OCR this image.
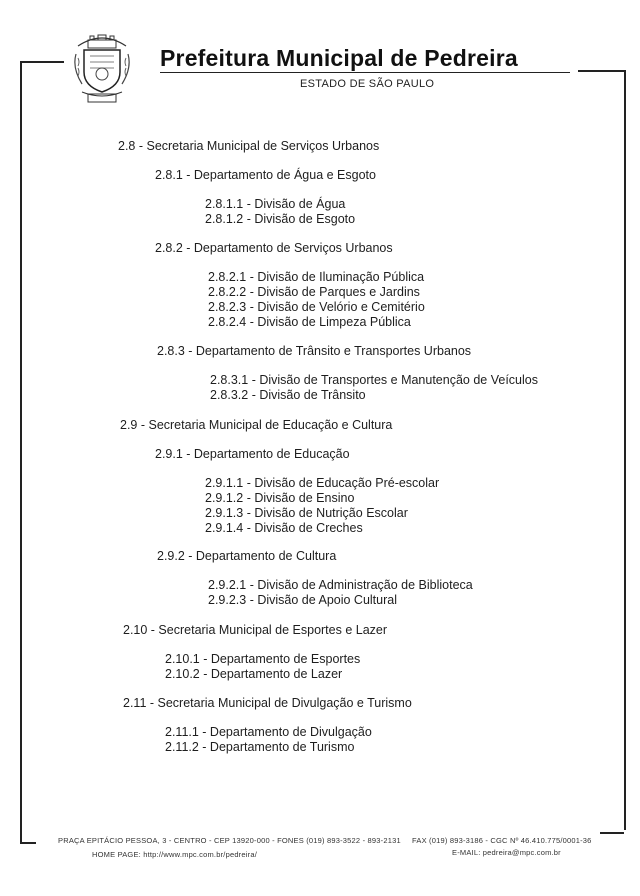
Prefeitura Municipal de Pedreira
ESTADO DE SÃO PAULO
2.8 - Secretaria Municipal de Serviços Urbanos
2.8.1 - Departamento de Água e Esgoto
2.8.1.1 - Divisão de Água
2.8.1.2 - Divisão de Esgoto
2.8.2 - Departamento de Serviços Urbanos
2.8.2.1 - Divisão de Iluminação Pública
2.8.2.2 - Divisão de Parques e Jardins
2.8.2.3 - Divisão de Velório e Cemitério
2.8.2.4 - Divisão de Limpeza Pública
2.8.3 - Departamento de Trânsito e Transportes Urbanos
2.8.3.1 - Divisão de Transportes e Manutenção de Veículos
2.8.3.2 - Divisão de Trânsito
2.9 - Secretaria Municipal de Educação e Cultura
2.9.1 - Departamento de Educação
2.9.1.1 - Divisão de Educação Pré-escolar
2.9.1.2 - Divisão de Ensino
2.9.1.3 - Divisão de Nutrição Escolar
2.9.1.4 - Divisão de Creches
2.9.2 - Departamento de Cultura
2.9.2.1 - Divisão de Administração de Biblioteca
2.9.2.3 - Divisão de Apoio Cultural
2.10 - Secretaria Municipal de Esportes e Lazer
2.10.1 - Departamento de Esportes
2.10.2 - Departamento de Lazer
2.11 - Secretaria Municipal de Divulgação e Turismo
2.11.1 - Departamento de Divulgação
2.11.2 - Departamento de Turismo
PRAÇA EPITÁCIO PESSOA, 3 - CENTRO - CEP 13920-000 - FONES (019) 893-3522 - 893-2131 FAX (019) 893-3186 - CGC Nº 46.410.775/0001-36
HOME PAGE: http://www.mpc.com.br/pedreira/	E-MAIL: pedreira@mpc.com.br
